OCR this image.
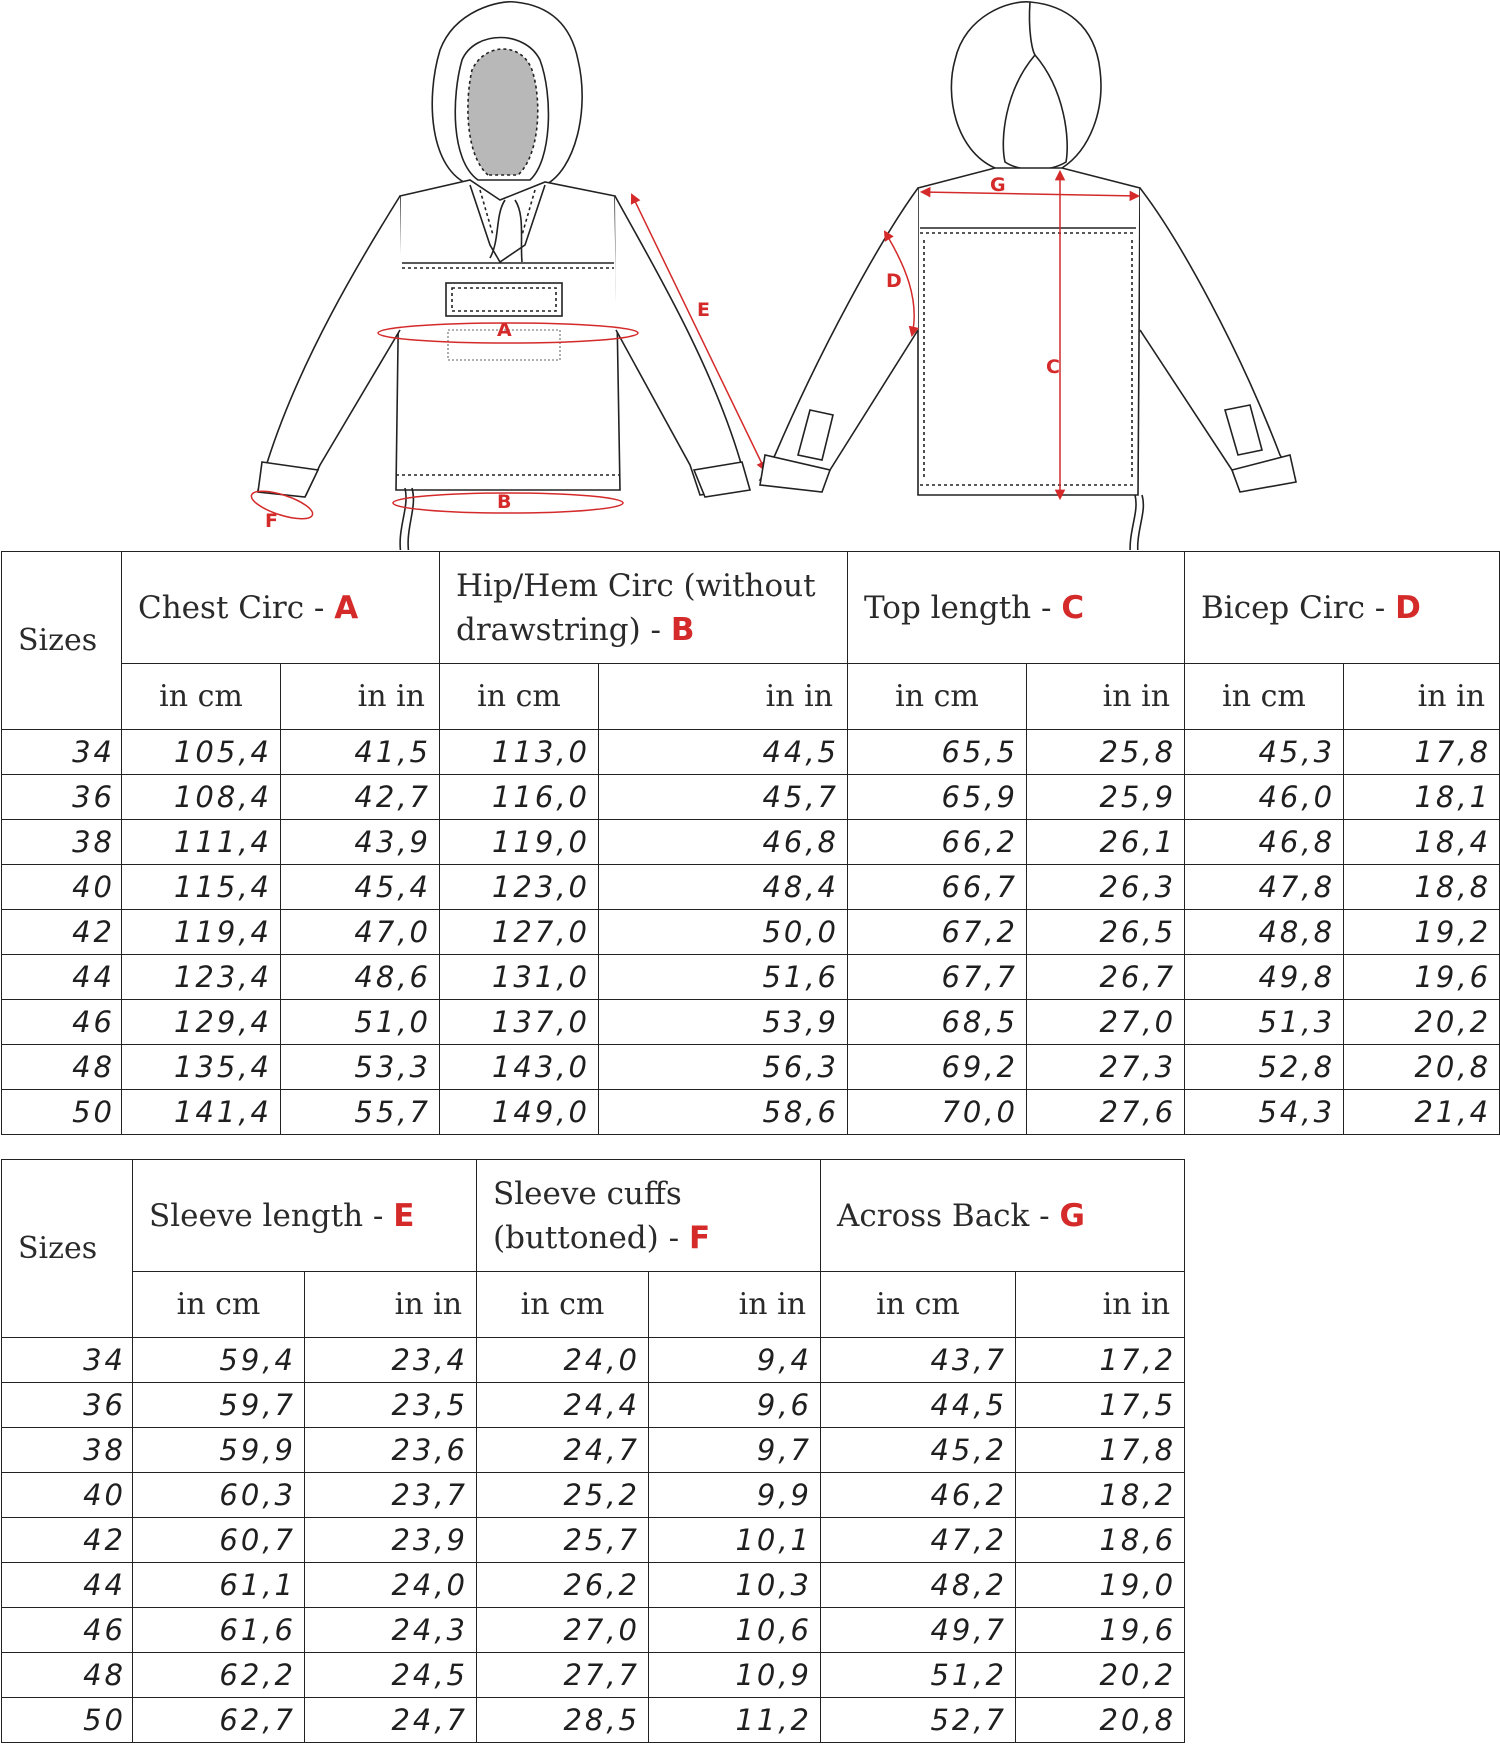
A
B
E
F
G
C
D
Sizes	Chest Circ - A		Hip/Hem Circ (without drawstring) - B		Top length - C		Bicep Circ - D	
	in cm	in in	in cm	in in	in cm	in in	in cm	in in
34	105,4	41,5	113,0	44,5	65,5	25,8	45,3	17,8
36	108,4	42,7	116,0	45,7	65,9	25,9	46,0	18,1
38	111,4	43,9	119,0	46,8	66,2	26,1	46,8	18,4
40	115,4	45,4	123,0	48,4	66,7	26,3	47,8	18,8
42	119,4	47,0	127,0	50,0	67,2	26,5	48,8	19,2
44	123,4	48,6	131,0	51,6	67,7	26,7	49,8	19,6
46	129,4	51,0	137,0	53,9	68,5	27,0	51,3	20,2
48	135,4	53,3	143,0	56,3	69,2	27,3	52,8	20,8
50	141,4	55,7	149,0	58,6	70,0	27,6	54,3	21,4
Sizes	Sleeve length - E		Sleeve cuffs (buttoned) - F		Across Back - G	
	in cm	in in	in cm	in in	in cm	in in
34	59,4	23,4	24,0	9,4	43,7	17,2
36	59,7	23,5	24,4	9,6	44,5	17,5
38	59,9	23,6	24,7	9,7	45,2	17,8
40	60,3	23,7	25,2	9,9	46,2	18,2
42	60,7	23,9	25,7	10,1	47,2	18,6
44	61,1	24,0	26,2	10,3	48,2	19,0
46	61,6	24,3	27,0	10,6	49,7	19,6
48	62,2	24,5	27,7	10,9	51,2	20,2
50	62,7	24,7	28,5	11,2	52,7	20,8
